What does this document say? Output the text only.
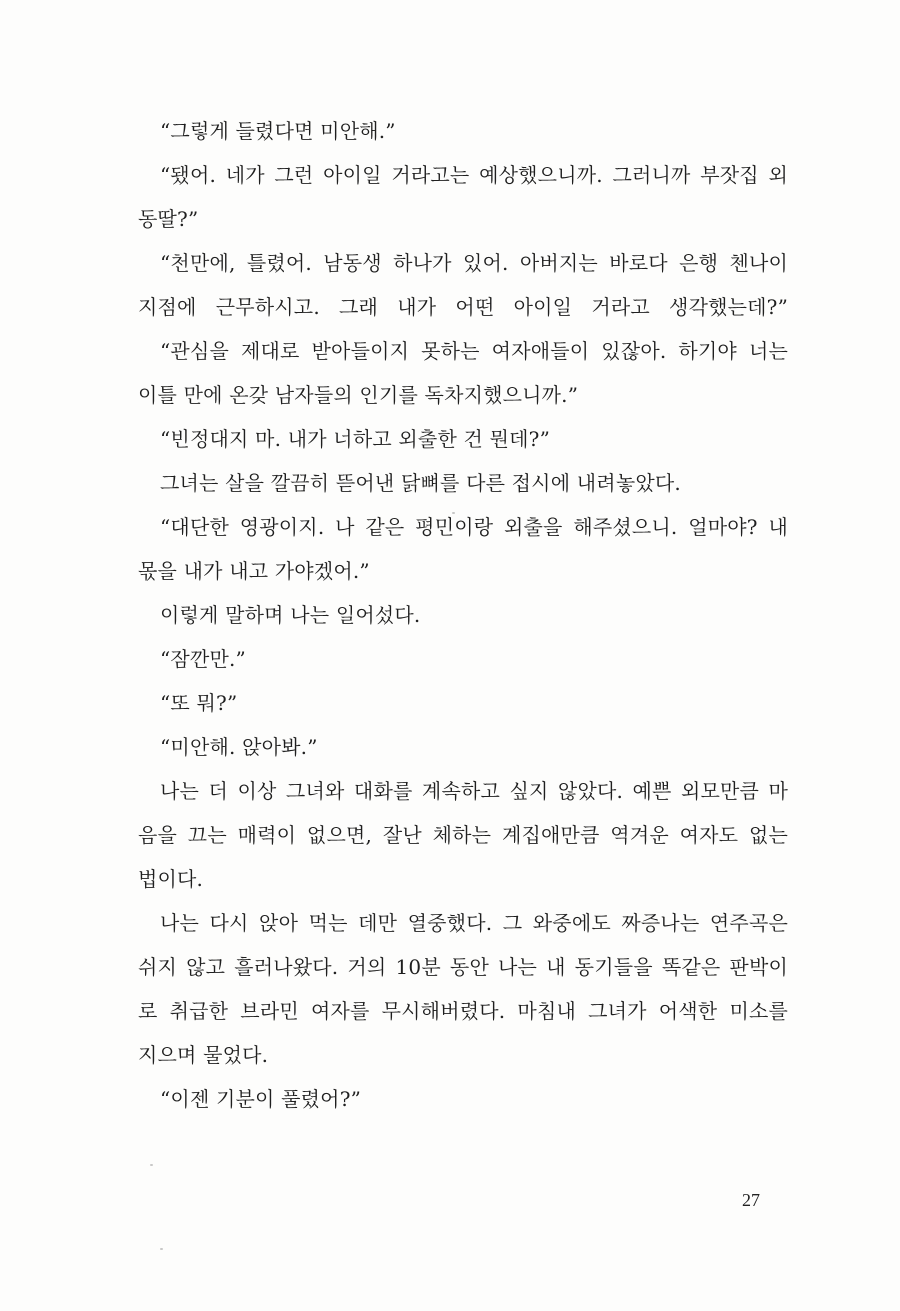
“그렇게 들렸다면 미안해.”

“됐어. 네가 그런 아이일 거라고는 예상했으니까. 그러니까 부잣집 외

동딸?”

“천만에, 틀렸어. 남동생 하나가 있어. 아버지는 바로다 은행 첸나이

지점에 근무하시고. 그래 내가 어떤 아이일 거라고 생각했는데?”

“관심을 제대로 받아들이지 못하는 여자애들이 있잖아. 하기야 너는

이틀 만에 온갖 남자들의 인기를 독차지했으니까.”

“빈정대지 마. 내가 너하고 외출한 건 뭔데?”

그녀는 살을 깔끔히 뜯어낸 닭뼈를 다른 접시에 내려놓았다.

“대단한 영광이지. 나 같은 평민이랑 외출을 해주셨으니. 얼마야? 내

몫을 내가 내고 가야겠어.”

이렇게 말하며 나는 일어섰다.

“잠깐만.”

“또 뭐?”

“미안해. 앉아봐.”

나는 더 이상 그녀와 대화를 계속하고 싶지 않았다. 예쁜 외모만큼 마

음을 끄는 매력이 없으면, 잘난 체하는 계집애만큼 역겨운 여자도 없는

법이다.

나는 다시 앉아 먹는 데만 열중했다. 그 와중에도 짜증나는 연주곡은

쉬지 않고 흘러나왔다. 거의 10분 동안 나는 내 동기들을 똑같은 판박이

로 취급한 브라민 여자를 무시해버렸다. 마침내 그녀가 어색한 미소를

지으며 물었다.

“이젠 기분이 풀렸어?”

27
